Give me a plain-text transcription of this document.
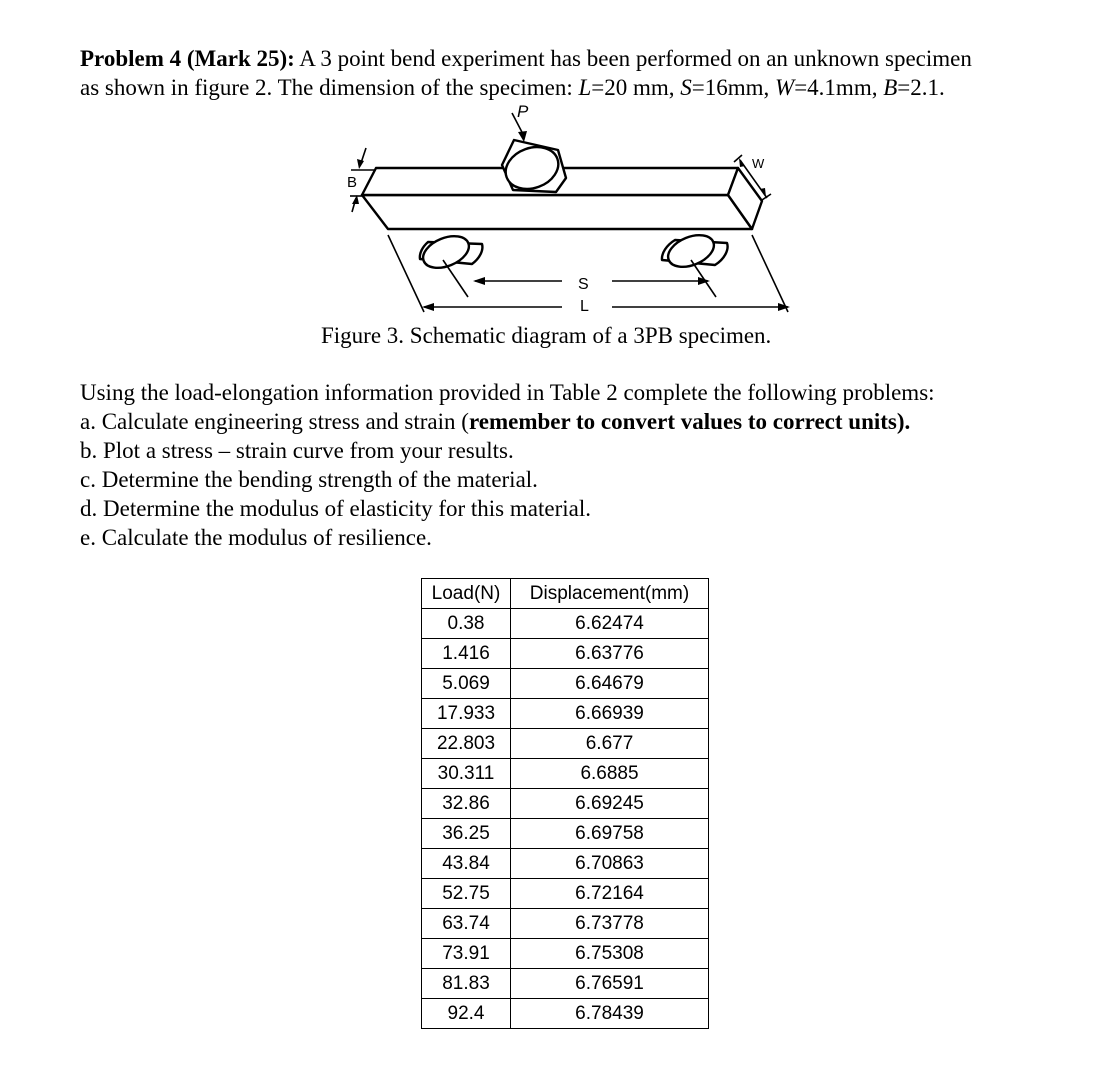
Problem 4 (Mark 25): A 3 point bend experiment has been performed on an unknown specimen
as shown in figure 2. The dimension of the specimen: L=20 mm, S=16mm, W=4.1mm, B=2.1.
P
W
B
S
L
Figure 3. Schematic diagram of a 3PB specimen.
Using the load-elongation information provided in Table 2 complete the following problems:
a. Calculate engineering stress and strain (remember to convert values to correct units).
b. Plot a stress – strain curve from your results.
c. Determine the bending strength of the material.
d. Determine the modulus of elasticity for this material.
e. Calculate the modulus of resilience.
Load(N)	Displacement(mm)
0.38	6.62474
1.416	6.63776
5.069	6.64679
17.933	6.66939
22.803	6.677
30.311	6.6885
32.86	6.69245
36.25	6.69758
43.84	6.70863
52.75	6.72164
63.74	6.73778
73.91	6.75308
81.83	6.76591
92.4	6.78439
